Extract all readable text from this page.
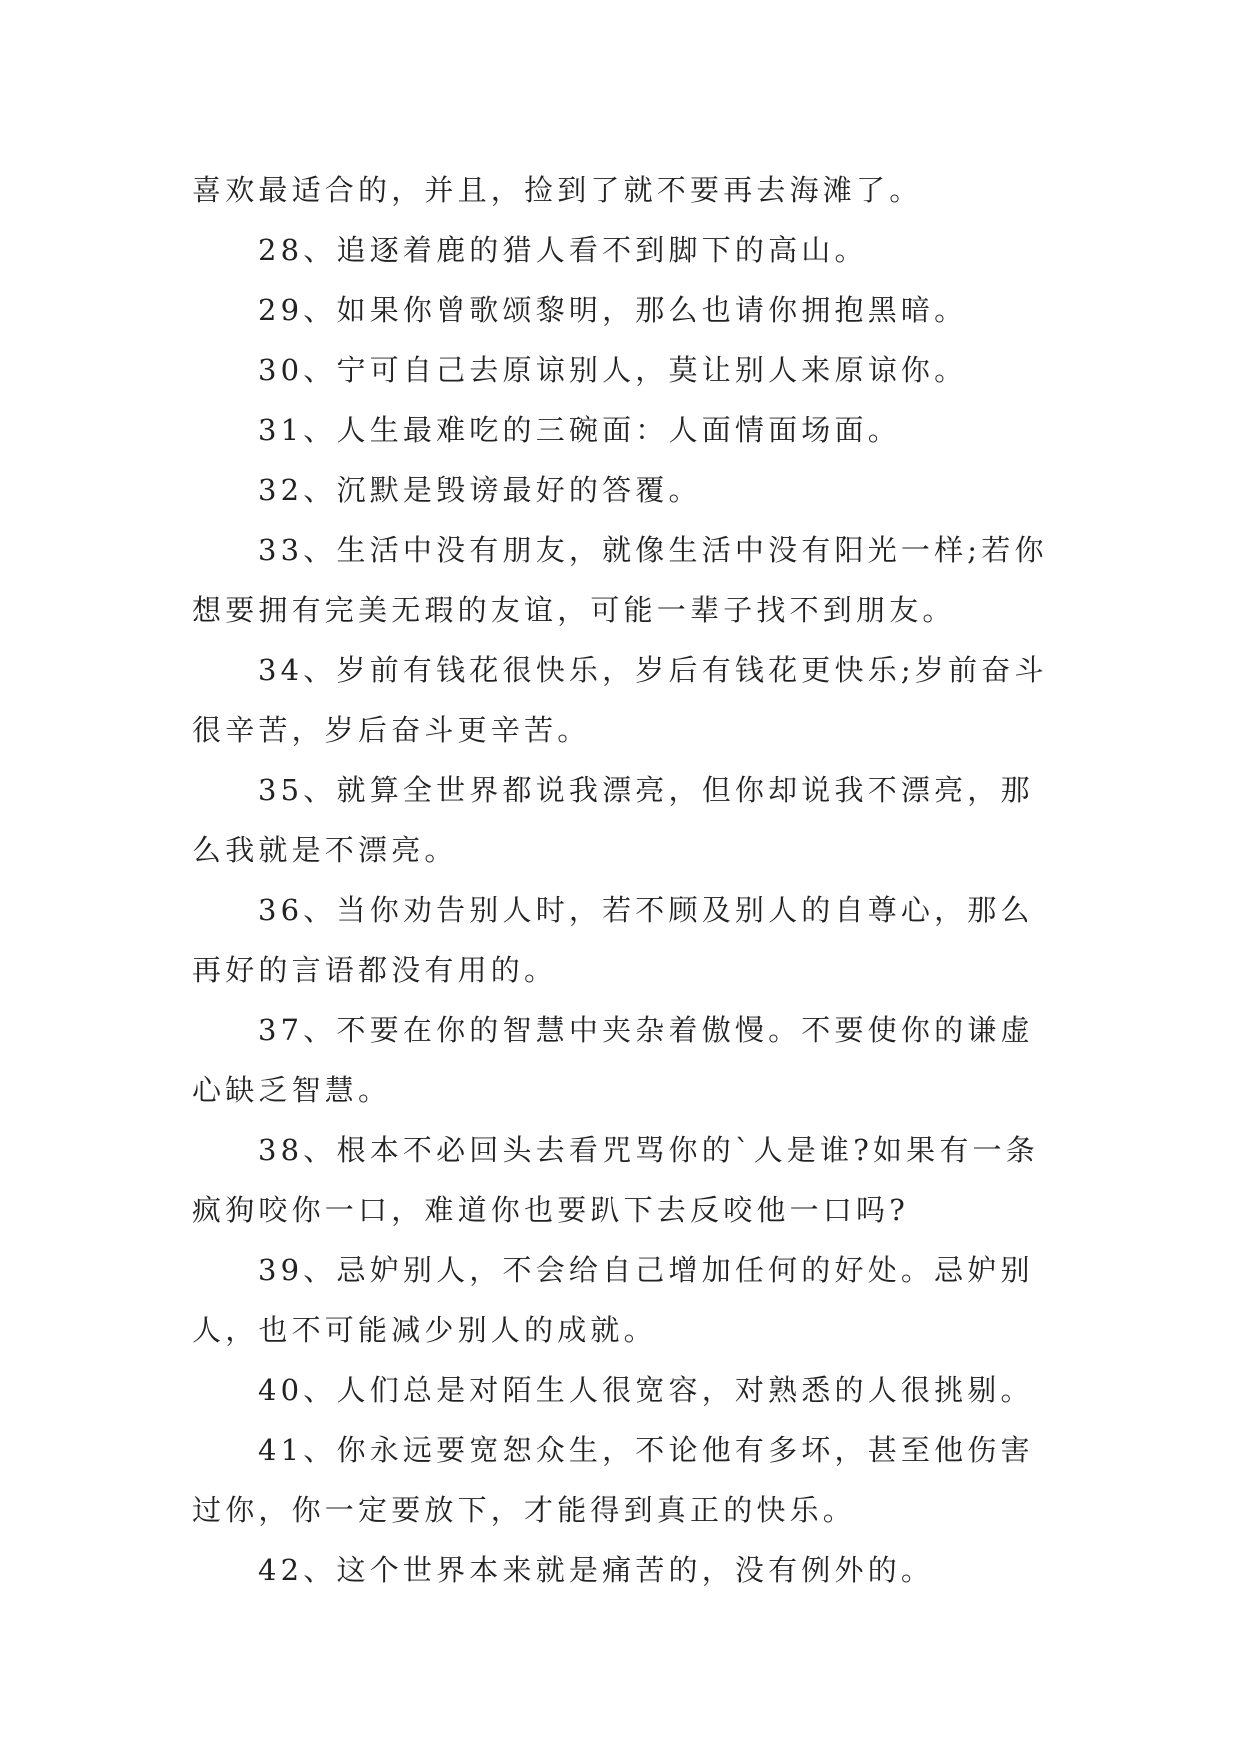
喜欢最适合的，并且，捡到了就不要再去海滩了。

28、追逐着鹿的猎人看不到脚下的高山。

29、如果你曾歌颂黎明，那么也请你拥抱黑暗。

30、宁可自己去原谅别人，莫让别人来原谅你。

31、人生最难吃的三碗面：人面情面场面。

32、沉默是毁谤最好的答覆。

33、生活中没有朋友，就像生活中没有阳光一样;若你想要拥有完美无瑕的友谊，可能一辈子找不到朋友。

34、岁前有钱花很快乐，岁后有钱花更快乐;岁前奋斗很辛苦，岁后奋斗更辛苦。

35、就算全世界都说我漂亮，但你却说我不漂亮，那么我就是不漂亮。

36、当你劝告别人时，若不顾及别人的自尊心，那么再好的言语都没有用的。

37、不要在你的智慧中夹杂着傲慢。不要使你的谦虚心缺乏智慧。

38、根本不必回头去看咒骂你的`人是谁?如果有一条疯狗咬你一口，难道你也要趴下去反咬他一口吗?

39、忌妒别人，不会给自己增加任何的好处。忌妒别人，也不可能减少别人的成就。

40、人们总是对陌生人很宽容，对熟悉的人很挑剔。

41、你永远要宽恕众生，不论他有多坏，甚至他伤害过你，你一定要放下，才能得到真正的快乐。

42、这个世界本来就是痛苦的，没有例外的。
